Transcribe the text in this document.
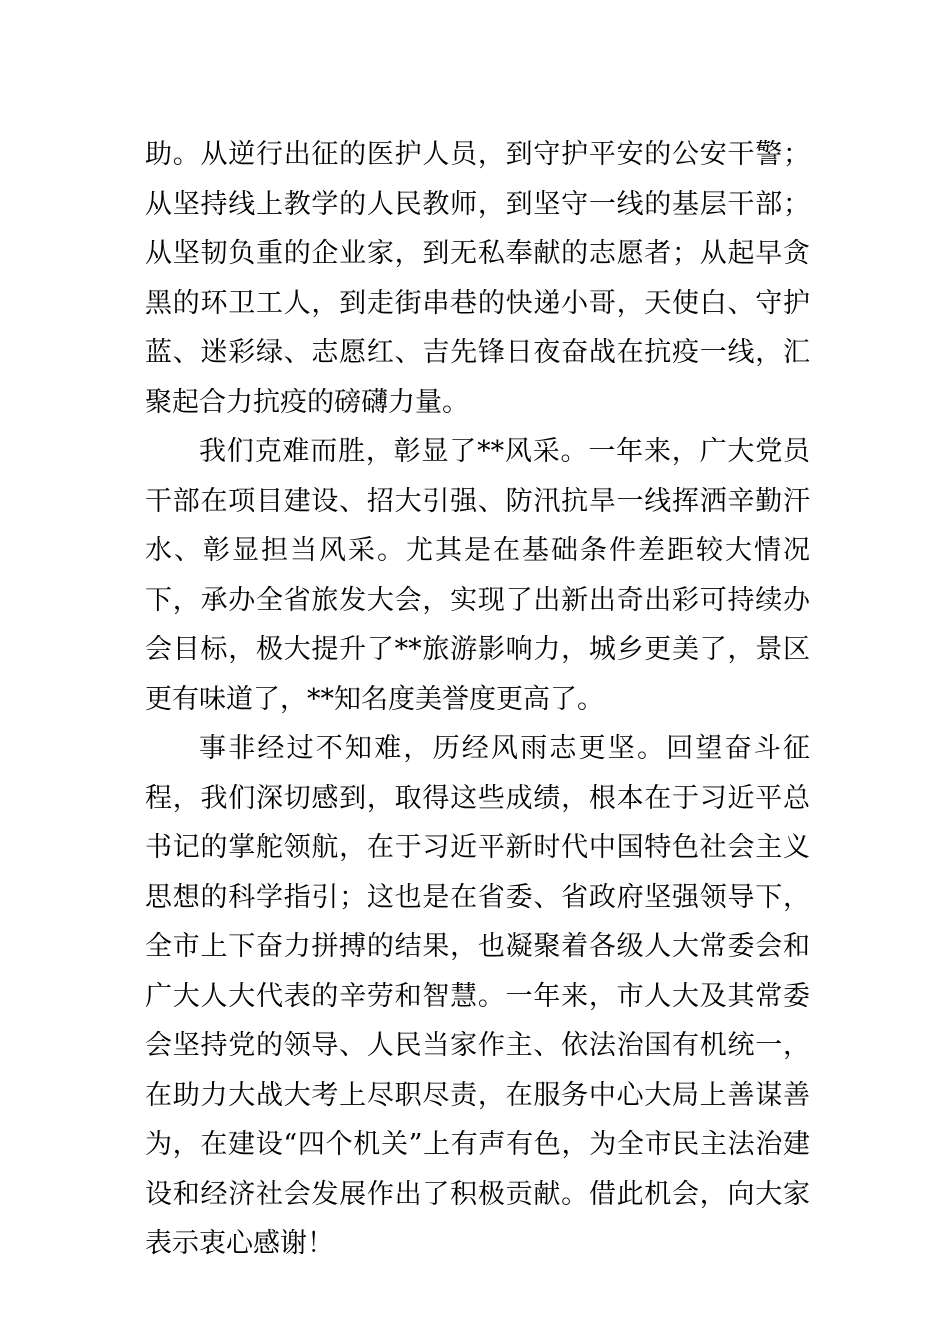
助。从逆行出征的医护人员，到守护平安的公安干警；从坚持线上教学的人民教师，到坚守一线的基层干部；从坚韧负重的企业家，到无私奉献的志愿者；从起早贪黑的环卫工人，到走街串巷的快递小哥，天使白、守护蓝、迷彩绿、志愿红、吉先锋日夜奋战在抗疫一线，汇聚起合力抗疫的磅礴力量。

我们克难而胜，彰显了**风采。一年来，广大党员干部在项目建设、招大引强、防汛抗旱一线挥洒辛勤汗水、彰显担当风采。尤其是在基础条件差距较大情况下，承办全省旅发大会，实现了出新出奇出彩可持续办会目标，极大提升了**旅游影响力，城乡更美了，景区更有味道了，**知名度美誉度更高了。

事非经过不知难，历经风雨志更坚。回望奋斗征程，我们深切感到，取得这些成绩，根本在于习近平总书记的掌舵领航，在于习近平新时代中国特色社会主义思想的科学指引；这也是在省委、省政府坚强领导下，全市上下奋力拼搏的结果，也凝聚着各级人大常委会和广大人大代表的辛劳和智慧。一年来，市人大及其常委会坚持党的领导、人民当家作主、依法治国有机统一，在助力大战大考上尽职尽责，在服务中心大局上善谋善为，在建设“四个机关”上有声有色，为全市民主法治建设和经济社会发展作出了积极贡献。借此机会，向大家表示衷心感谢！
